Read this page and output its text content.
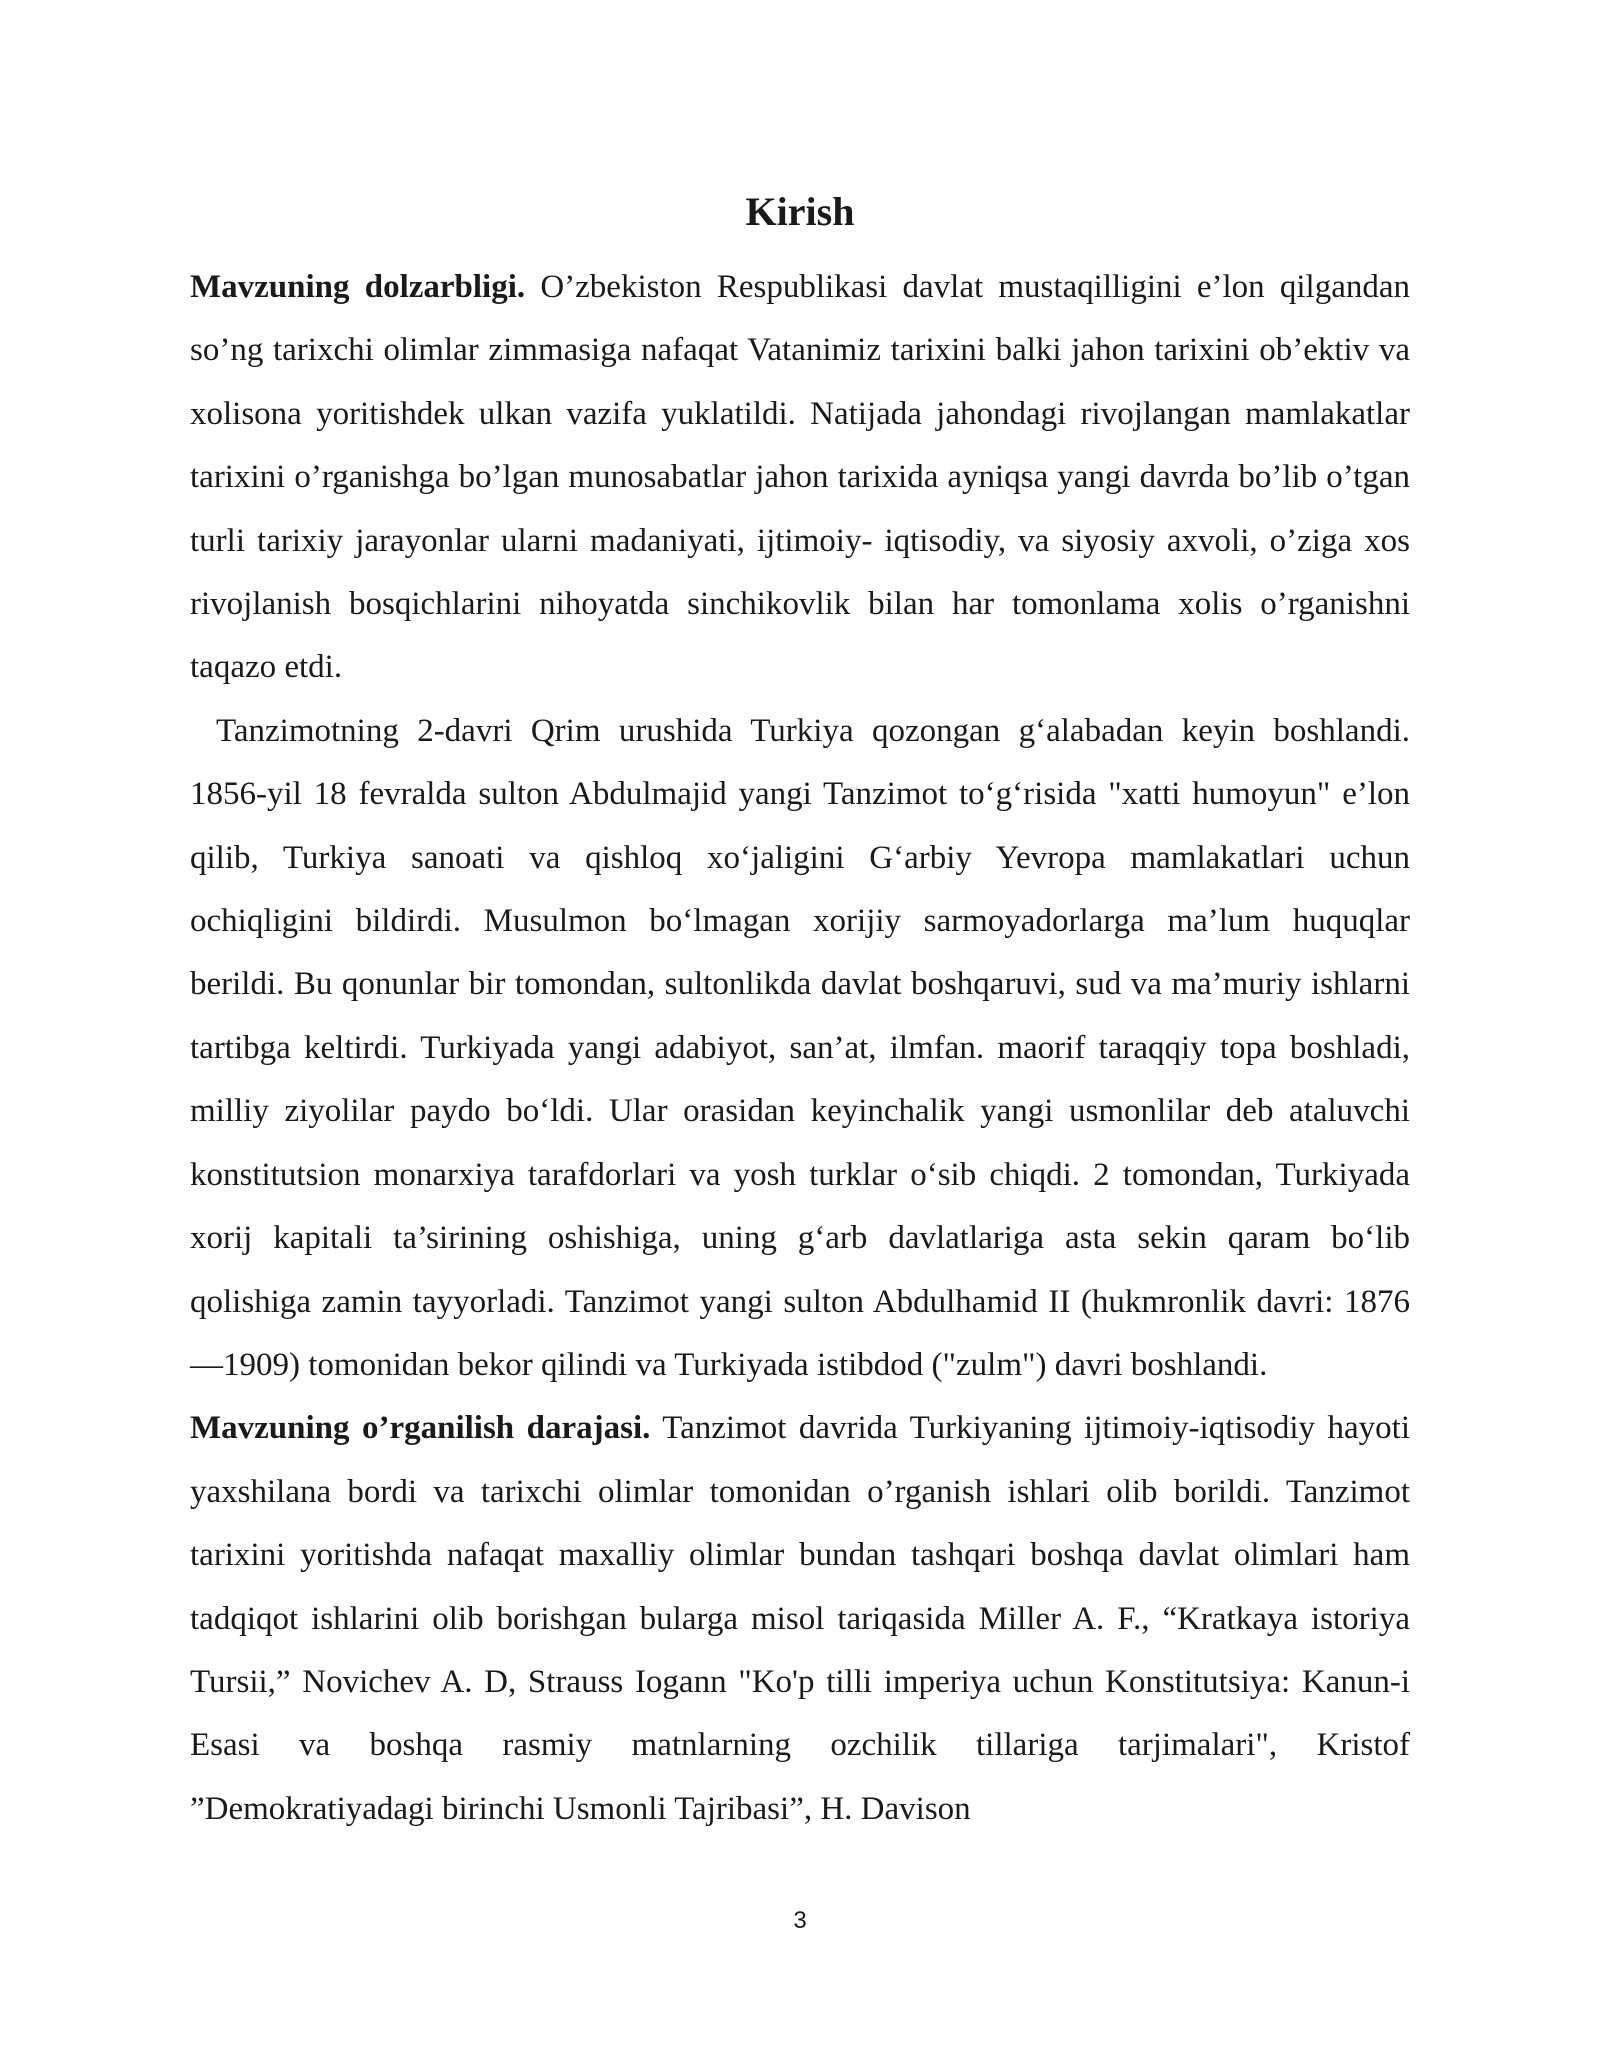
Kirish

Mavzuning dolzarbligi. O’zbekiston Respublikasi davlat mustaqilligini e’lon qilgandan so’ng tarixchi olimlar zimmasiga nafaqat Vatanimiz tarixini balki jahon tarixini ob’ektiv va xolisona yoritishdek ulkan vazifa yuklatildi. Natijada jahondagi rivojlangan mamlakatlar tarixini o’rganishga bo’lgan munosabatlar jahon tarixida ayniqsa yangi davrda bo’lib o’tgan turli tarixiy jarayonlar ularni madaniyati, ijtimoiy- iqtisodiy, va siyosiy axvoli, o’ziga xos rivojlanish bosqichlarini nihoyatda sinchikovlik bilan har tomonlama xolis o’rganishni taqazo etdi.

Tanzimotning 2-davri Qrim urushida Turkiya qozongan g‘alabadan keyin boshlandi. 1856-yil 18 fevralda sulton Abdulmajid yangi Tanzimot to‘g‘risida "xatti humoyun" e’lon qilib, Turkiya sanoati va qishloq xo‘jaligini G‘arbiy Yevropa mamlakatlari uchun ochiqligini bildirdi. Musulmon bo‘lmagan xorijiy sarmoyadorlarga ma’lum huquqlar berildi. Bu qonunlar bir tomondan, sultonlikda davlat boshqaruvi, sud va ma’muriy ishlarni tartibga keltirdi. Turkiyada yangi adabiyot, san’at, ilmfan. maorif taraqqiy topa boshladi, milliy ziyolilar paydo bo‘ldi. Ular orasidan keyinchalik yangi usmonlilar deb ataluvchi konstitutsion monarxiya tarafdorlari va yosh turklar o‘sib chiqdi. 2 tomondan, Turkiyada xorij kapitali ta’sirining oshishiga, uning g‘arb davlatlariga asta sekin qaram bo‘lib qolishiga zamin tayyorladi. Tanzimot yangi sulton Abdulhamid II (hukmronlik davri: 1876—1909) tomonidan bekor qilindi va Turkiyada istibdod ("zulm") davri boshlandi.

Mavzuning o’rganilish darajasi. Tanzimot davrida Turkiyaning ijtimoiy-iqtisodiy hayoti yaxshilana bordi va tarixchi olimlar tomonidan o’rganish ishlari olib borildi. Tanzimot tarixini yoritishda nafaqat maxalliy olimlar bundan tashqari boshqa davlat olimlari ham tadqiqot ishlarini olib borishgan bularga misol tariqasida Miller A. F., “Kratkaya istoriya Tursii,” Novichev A. D, Strauss Iogann "Ko'p tilli imperiya uchun Konstitutsiya: Kanun-i Esasi va boshqa rasmiy matnlarning ozchilik tillariga tarjimalari", Kristof ”Demokratiyadagi birinchi Usmonli Tajribasi”, H. Davison

3
